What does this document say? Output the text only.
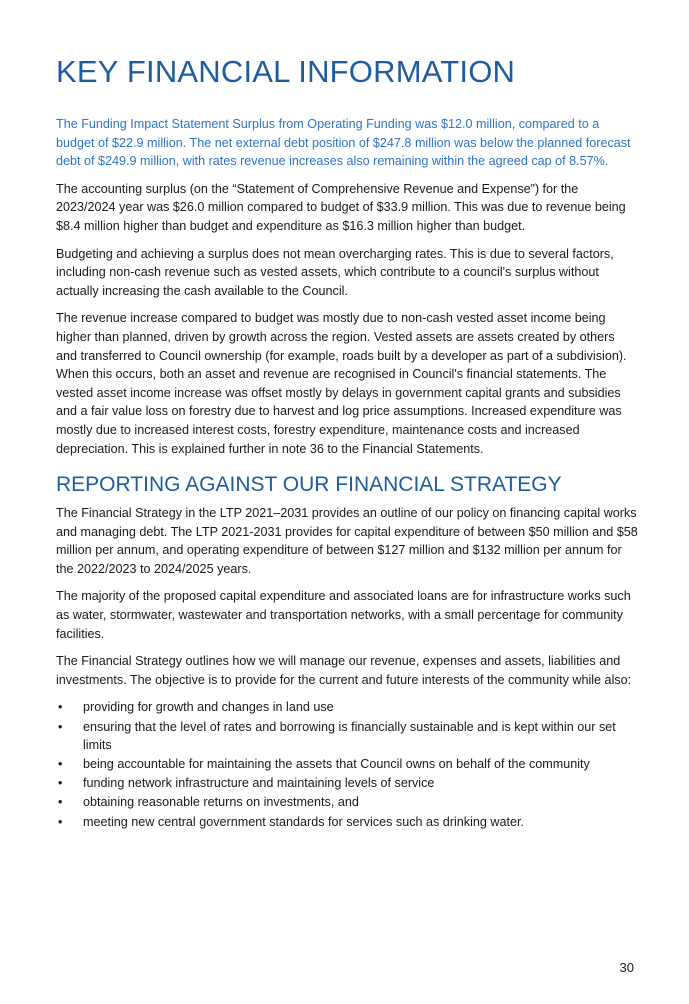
KEY FINANCIAL INFORMATION

The Funding Impact Statement Surplus from Operating Funding was $12.0 million, compared to a budget of $22.9 million. The net external debt position of $247.8 million was below the planned forecast debt of $249.9 million, with rates revenue increases also remaining within the agreed cap of 8.57%.

The accounting surplus (on the “Statement of Comprehensive Revenue and Expense”) for the 2023/2024 year was $26.0 million compared to budget of $33.9 million. This was due to revenue being $8.4 million higher than budget and expenditure as $16.3 million higher than budget.

Budgeting and achieving a surplus does not mean overcharging rates. This is due to several factors, including non-cash revenue such as vested assets, which contribute to a council's surplus without actually increasing the cash available to the Council.

The revenue increase compared to budget was mostly due to non-cash vested asset income being higher than planned, driven by growth across the region. Vested assets are assets created by others and transferred to Council ownership (for example, roads built by a developer as part of a subdivision). When this occurs, both an asset and revenue are recognised in Council's financial statements. The vested asset income increase was offset mostly by delays in government capital grants and subsidies and a fair value loss on forestry due to harvest and log price assumptions. Increased expenditure was mostly due to increased interest costs, forestry expenditure, maintenance costs and increased depreciation. This is explained further in note 36 to the Financial Statements.

REPORTING AGAINST OUR FINANCIAL STRATEGY

The Financial Strategy in the LTP 2021–2031 provides an outline of our policy on financing capital works and managing debt. The LTP 2021-2031 provides for capital expenditure of between $50 million and $58 million per annum, and operating expenditure of between $127 million and $132 million per annum for the 2022/2023 to 2024/2025 years.

The majority of the proposed capital expenditure and associated loans are for infrastructure works such as water, stormwater, wastewater and transportation networks, with a small percentage for community facilities.

The Financial Strategy outlines how we will manage our revenue, expenses and assets, liabilities and investments. The objective is to provide for the current and future interests of the community while also:

• providing for growth and changes in land use
• ensuring that the level of rates and borrowing is financially sustainable and is kept within our set limits
• being accountable for maintaining the assets that Council owns on behalf of the community
• funding network infrastructure and maintaining levels of service
• obtaining reasonable returns on investments, and
• meeting new central government standards for services such as drinking water.
30
